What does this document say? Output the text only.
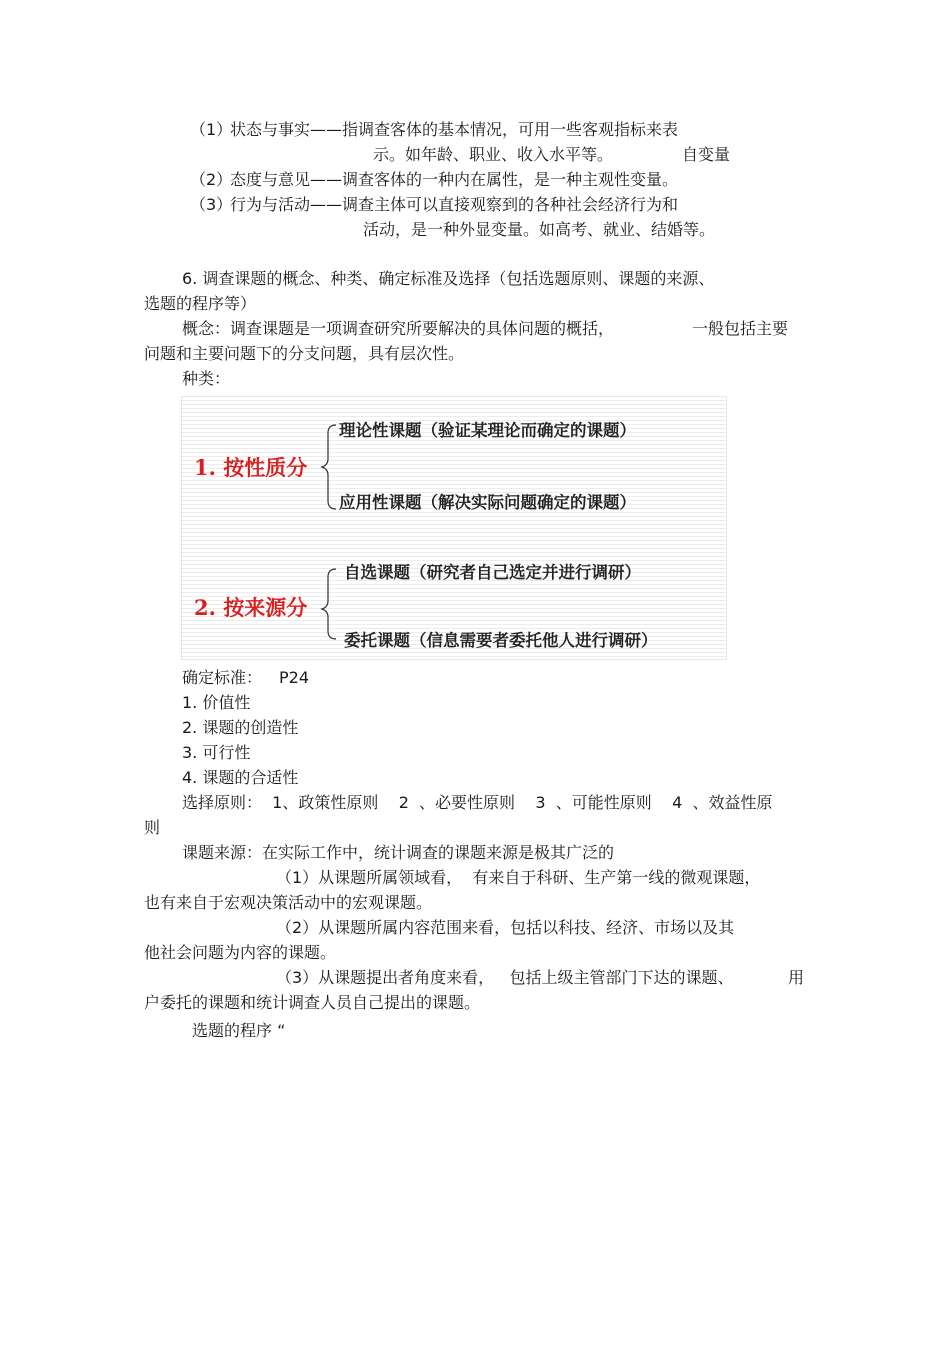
（1）
状态与事实——指调查客体的基本情况，可用一些客观指标来表
示。如年龄、职业、收入水平等。	自变量
（2）
态度与意见——调查客体的一种内在属性，是一种主观性变量。
（3）
行为与活动——调查主体可以直接观察到的各种社会经济行为和
活动，是一种外显变量。如高考、就业、结婚等。
6. 调查课题的概念、种类、确定标准及选择（包括选题原则、课题的来源、
选题的程序等）
概念：调查课题是一项调查研究所要解决的具体问题的概括，	一般包括主要
问题和主要问题下的分支问题，具有层次性。
种类：
1. 按性质分
理论性课题（验证某理论而确定的课题）
应用性课题（解决实际问题确定的课题）
2. 按来源分
自选课题（研究者自己选定并进行调研）
委托课题（信息需要者委托他人进行调研）
确定标准： P24
1. 价值性
2. 课题的创造性
3. 可行性
4. 课题的合适性
选择原则：  1、政策性原则    2  、必要性原则    3  、可能性原则    4  、效益性原
则
课题来源：在实际工作中，统计调查的课题来源是极其广泛的
（1）从课题所属领域看，  有来自于科研、生产第一线的微观课题，
也有来自于宏观决策活动中的宏观课题。
（2）从课题所属内容范围来看，包括以科技、经济、市场以及其
他社会问题为内容的课题。
（3）从课题提出者角度来看，   包括上级主管部门下达的课题、	用
户委托的课题和统计调查人员自己提出的课题。
选题的程序 “
